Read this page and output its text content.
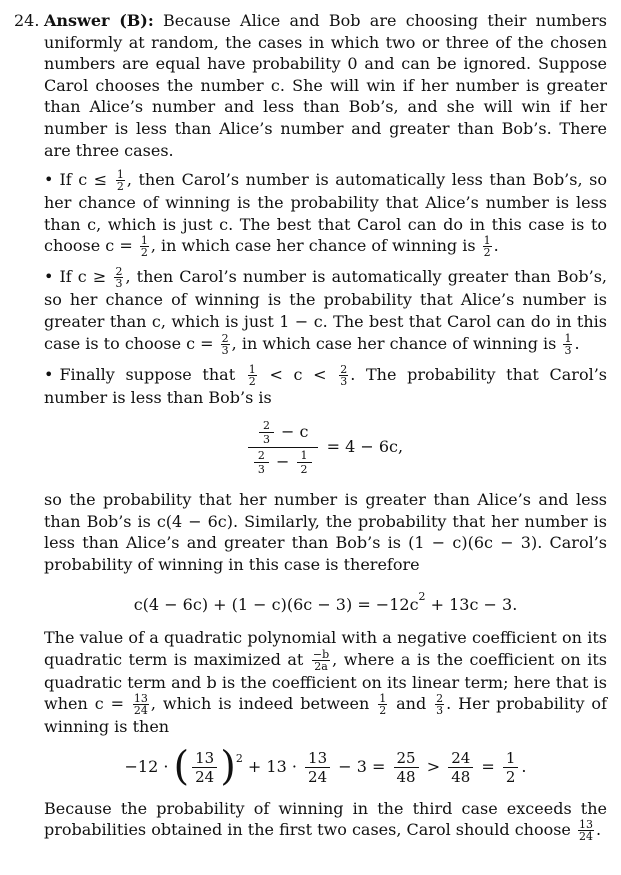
24. Answer (B): Because Alice and Bob are choosing their numbers uniformly at random, the cases in which two or three of the chosen numbers are equal have probability 0 and can be ignored. Suppose Carol chooses the number c. She will win if her number is greater than Alice’s number and less than Bob’s, and she will win if her number is less than Alice’s number and greater than Bob’s. There are three cases.

• If $c \le \frac{1}{2}$ , then Carol’s number is automatically less than Bob’s, so her chance of winning is the probability that Alice’s number is less than c, which is just c. The best that Carol can do in this case is to choose $c = \frac{1}{2}$ , in which case her chance of winning is $\frac{1}{2}$ .

• If $c \ge \frac{2}{3}$ , then Carol’s number is automatically greater than Bob’s, so her chance of winning is the probability that Alice’s number is greater than c, which is just 1 − c. The best that Carol can do in this case is to choose $c = \frac{2}{3}$ , in which case her chance of winning is $\frac{1}{3}$ .

• Finally suppose that $\frac{1}{2} < c < \frac{2}{3}$ . The probability that Carol’s number is less than Bob’s is

$\frac{\frac{2}{3} - c}{\frac{2}{3} - \frac{1}{2}} = 4 - 6c$,

so the probability that her number is greater than Alice’s and less than Bob’s is c(4 − 6c). Similarly, the probability that her number is less than Alice’s and greater than Bob’s is (1 − c)(6c − 3). Carol’s probability of winning in this case is therefore

$c(4 - 6c) + (1 - c)(6c - 3) = -12c^2 + 13c - 3$.

The value of a quadratic polynomial with a negative coefficient on its quadratic term is maximized at $\frac{-b}{2a}$ , where a is the coefficient on its quadratic term and b is the coefficient on its linear term; here that is when $c = \frac{13}{24}$ , which is indeed between $\frac{1}{2}$ and $\frac{2}{3}$ . Her probability of winning is then

−12 · ( $\frac{13}{24} )^2 + 13 \cdot \frac{13}{24} - 3 = \frac{25}{48} > \frac{24}{48} = \frac{1}{2}$ .

Because the probability of winning in the third case exceeds the probabilities obtained in the first two cases, Carol should choose $\frac{13}{24}$ .
